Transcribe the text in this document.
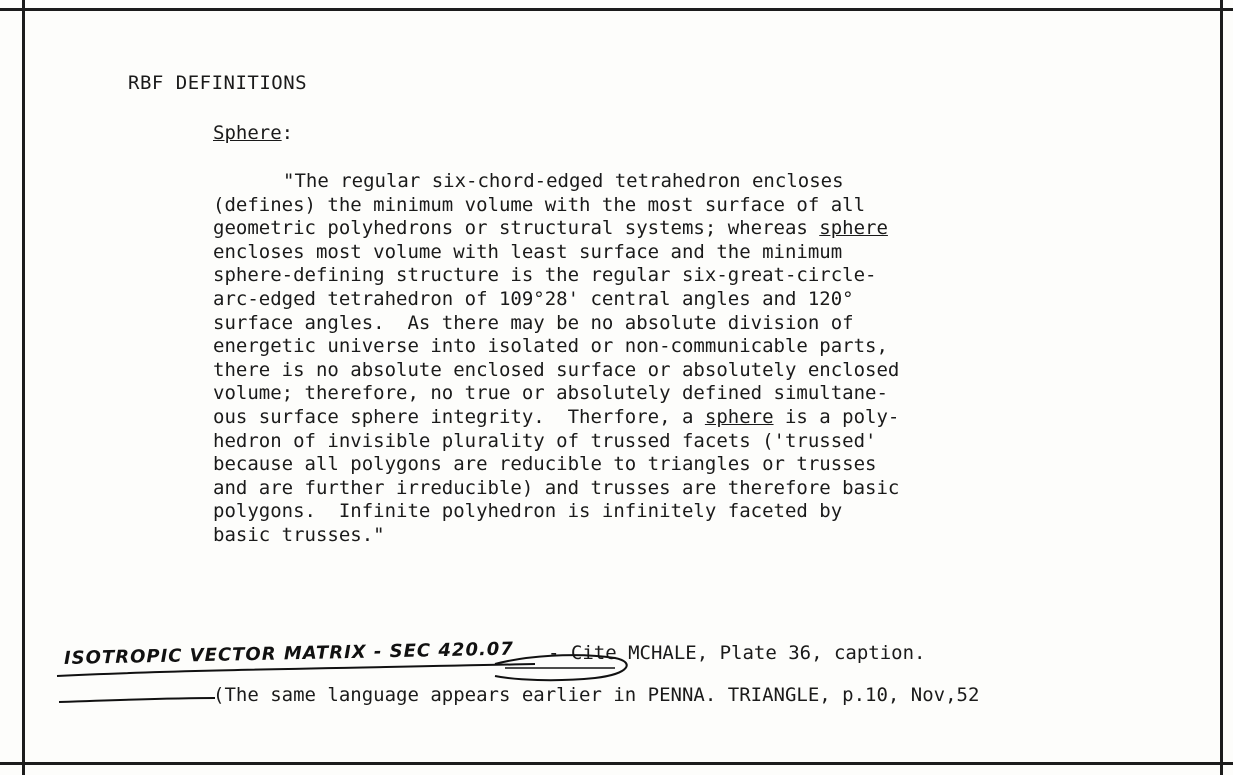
RBF DEFINITIONS
Sphere:
"The regular six-chord-edged tetrahedron encloses
(defines) the minimum volume with the most surface of all
geometric polyhedrons or structural systems; whereas sphere
encloses most volume with least surface and the minimum
sphere-defining structure is the regular six-great-circle-
arc-edged tetrahedron of 109°28' central angles and 120°
surface angles.  As there may be no absolute division of
energetic universe into isolated or non-communicable parts,
there is no absolute enclosed surface or absolutely enclosed
volume; therefore, no true or absolutely defined simultane-
ous surface sphere integrity.  Therfore, a sphere is a poly-
hedron of invisible plurality of trussed facets ('trussed'
because all polygons are reducible to triangles or trusses
and are further irreducible) and trusses are therefore basic
polygons.  Infinite polyhedron is infinitely faceted by
basic trusses."
- Cite MCHALE, Plate 36, caption.
(The same language appears earlier in PENNA. TRIANGLE, p.10, Nov,52
ISOTROPIC VECTOR MATRIX - SEC 420.07
